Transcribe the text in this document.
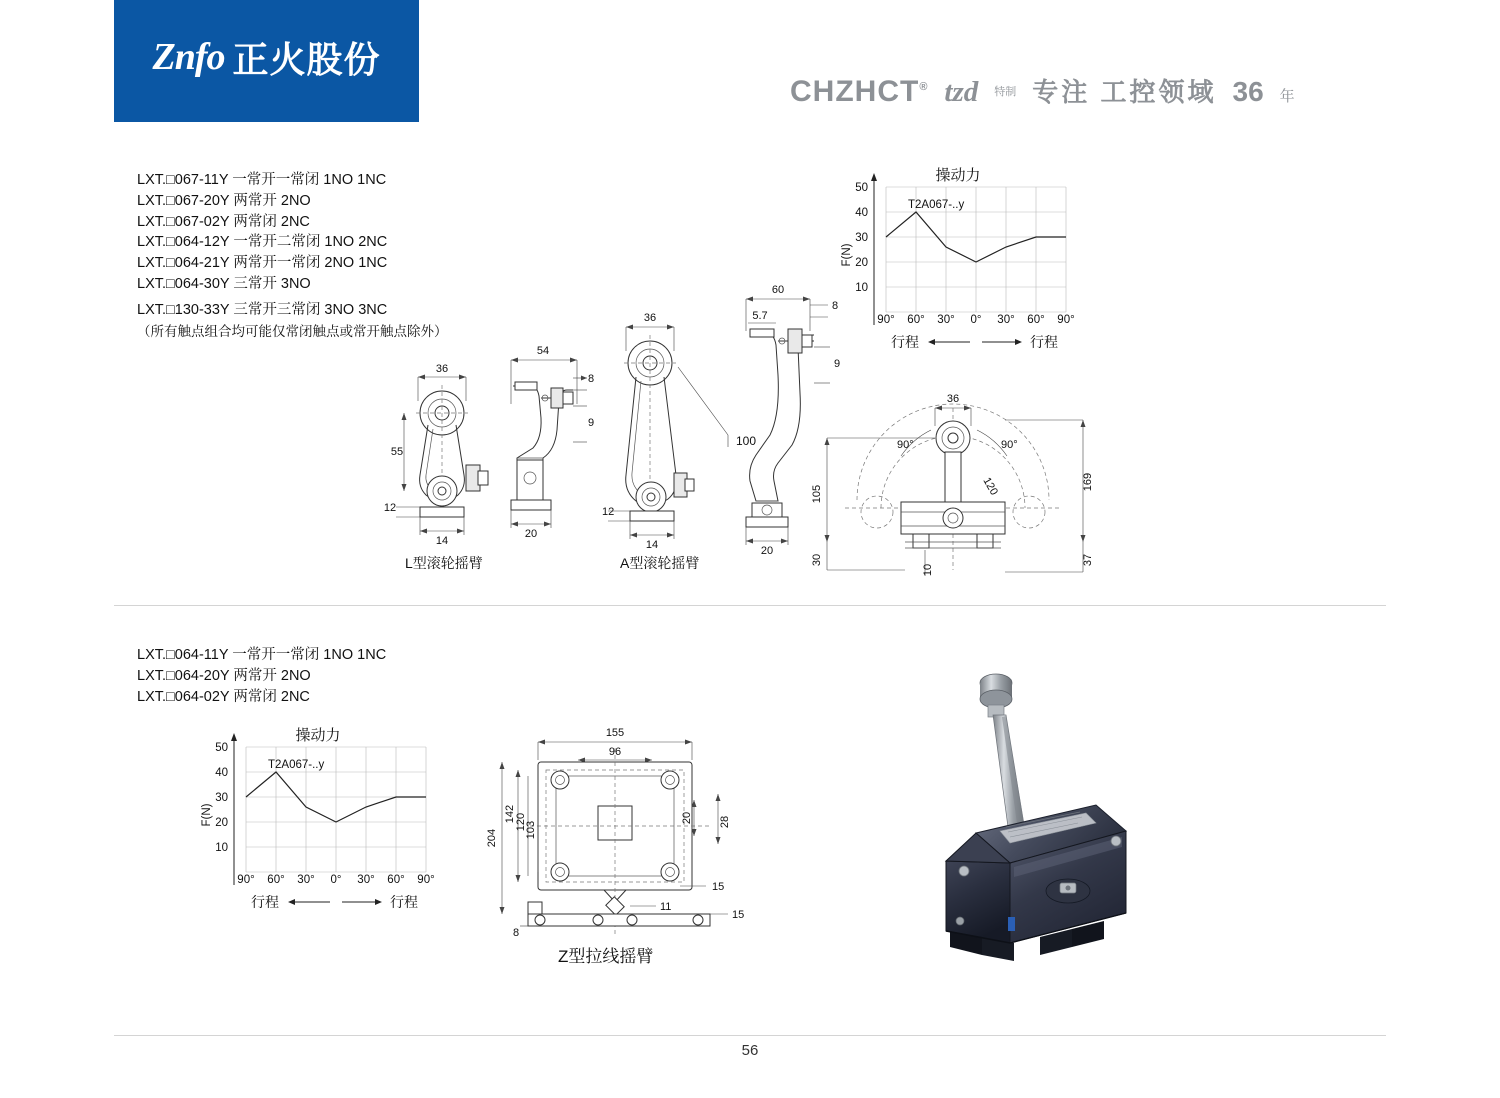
Znfo 正火股份
CHZHCT® tzd 特制 专注 工控领域 36 年
LXT.□067-11Y 一常开一常闭 1NO 1NC
LXT.□067-20Y 两常开 2NO
LXT.□067-02Y 两常闭 2NC
LXT.□064-12Y 一常开二常闭 1NO 2NC
LXT.□064-21Y 两常开一常闭 2NO 1NC
LXT.□064-30Y 三常开 3NO
LXT.□130-33Y 三常开三常闭 3NO 3NC
（所有触点组合均可能仅常闭触点或常开触点除外）
操动力
50
40
30
20
10
F(N)
T2A067-..y
90° 60° 30° 0° 30° 60° 90°
行程	行程
36
55
12
14
54
8
9
20
36
100
12
14
60
8
5.7
9
20
36
90°	90°
120
105
30
10
169
37
L型滚轮摇臂	A型滚轮摇臂
LXT.□064-11Y 一常开一常闭 1NO 1NC
LXT.□064-20Y 两常开 2NO
LXT.□064-02Y 两常闭 2NC
操动力
50
40
30
20
10
F(N)
T2A067-..y
90° 60° 30° 0° 30° 60° 90°
行程	行程
155
96
204
142 120
103
20 28
15
11
15
8
Z型拉线摇臂
56
